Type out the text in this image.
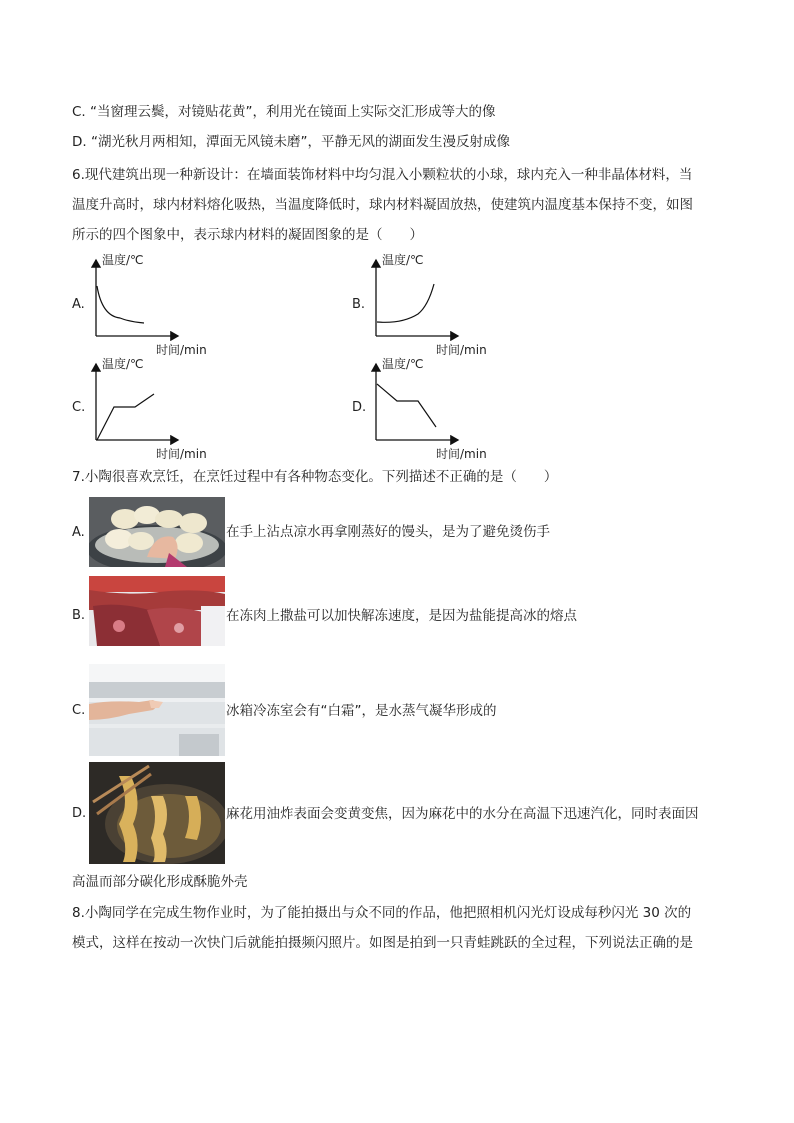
C. “当窗理云鬓，对镜贴花黄”，利用光在镜面上实际交汇形成等大的像
D. “湖光秋月两相知，潭面无风镜未磨”，平静无风的湖面发生漫反射成像
6.现代建筑出现一种新设计：在墙面装饰材料中均匀混入小颗粒状的小球，球内充入一种非晶体材料，当
温度升高时，球内材料熔化吸热，当温度降低时，球内材料凝固放热，使建筑内温度基本保持不变，如图
所示的四个图象中，表示球内材料的凝固图象的是（　　）
A.
温度/℃
时间/min
B.
温度/℃
时间/min
C.
温度/℃
时间/min
D.
温度/℃
时间/min
7.小陶很喜欢烹饪，在烹饪过程中有各种物态变化。下列描述不正确的是（　　）
A.	在手上沾点凉水再拿刚蒸好的馒头，是为了避免烫伤手
B.	在冻肉上撒盐可以加快解冻速度，是因为盐能提高冰的熔点
C.	冰箱冷冻室会有“白霜”，是水蒸气凝华形成的
D.	麻花用油炸表面会变黄变焦，因为麻花中的水分在高温下迅速汽化，同时表面因
高温而部分碳化形成酥脆外壳
8.小陶同学在完成生物作业时，为了能拍摄出与众不同的作品，他把照相机闪光灯设成每秒闪光 30 次的
模式，这样在按动一次快门后就能拍摄频闪照片。如图是拍到一只青蛙跳跃的全过程，下列说法正确的是
